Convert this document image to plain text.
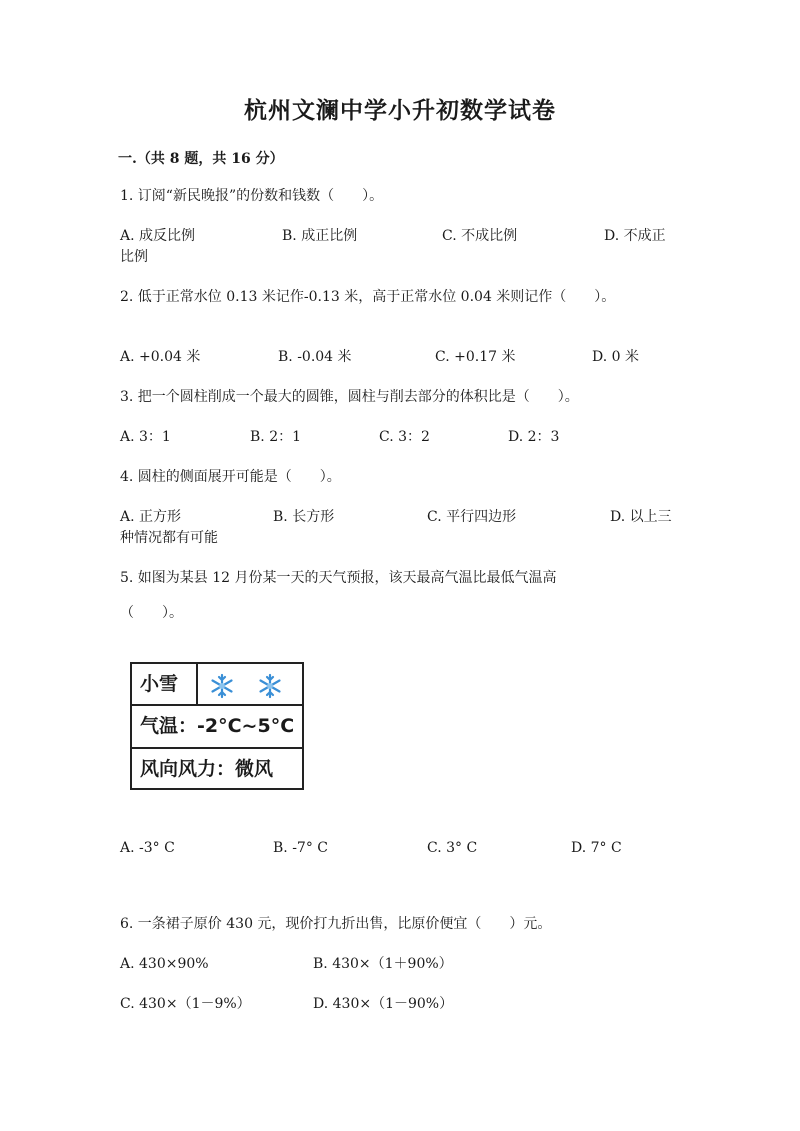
杭州文澜中学小升初数学试卷
一.（共 8 题，共 16 分）
1. 订阅“新民晚报”的份数和钱数（　　）。
A. 成反比例	B. 成正比例	C. 不成比例	D. 不成正
比例
2. 低于正常水位 0.13 米记作-0.13 米，高于正常水位 0.04 米则记作（　　）。
A. +0.04 米	B. -0.04 米	C. +0.17 米	D. 0 米
3. 把一个圆柱削成一个最大的圆锥，圆柱与削去部分的体积比是（　　）。
A. 3：1	B. 2：1	C. 3：2	D. 2：3
4. 圆柱的侧面展开可能是（　　）。
A. 正方形	B. 长方形	C. 平行四边形	D. 以上三
种情况都有可能
5. 如图为某县 12 月份某一天的天气预报，该天最高气温比最低气温高
（　　）。
小雪
气温：-2°C~5°C
风向风力：微风
A. -3° C	B. -7° C	C. 3° C	D. 7° C
6. 一条裙子原价 430 元，现价打九折出售，比原价便宜（　　）元。
A. 430×90%	B. 430×（1＋90%）
C. 430×（1－9%）	D. 430×（1－90%）
